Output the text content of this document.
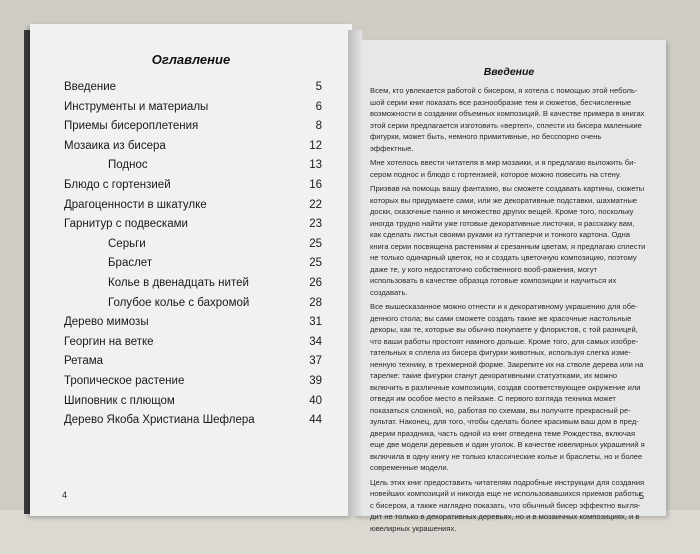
Оглавление
Введение	5
Инструменты и материалы	6
Приемы бисероплетения	8
Мозаика из бисера	12
Поднос	13
Блюдо с гортензией	16
Драгоценности в шкатулке	22
Гарнитур с подвесками	23
Серьги	25
Браслет	25
Колье в двенадцать нитей	26
Голубое колье с бахромой	28
Дерево мимозы	31
Георгин на ветке	34
Ретама	37
Тропическое растение	39
Шиповник с плющом	40
Дерево Якоба Христиана Шефлера	44
4
Введение

Всем, кто увлекается работой с бисером, я хотела с помощью этой неболь-шой серии книг показать все разнообразие тем и сюжетов, бесчисленные возможности в создании объемных композиций. В качестве примера в книгах этой серии предлагается изготовить «вертеп», сплести из бисера маленькие фигурки, может быть, немного примитивные, но бесспорно очень эффектные.

Мне хотелось ввести читателя в мир мозаики, и я предлагаю выложить би-сером поднос и блюдо с гортензией, которое можно повесить на стену.

Призвав на помощь вашу фантазию, вы сможете создавать картины, сюжеты которых вы придумаете сами, или же декоративные подставки, шахматные доски, сказочные панно и множество других вещей. Кроме того, поскольку иногда трудно найти уже готовые декоративные листочки, я расскажу вам, как сделать листья своими руками из гуттаперчи и тонкого картона. Одна книга серии посвящена растениям и срезанным цветам, я предлагаю сплести не только одинарный цветок, но и создать цветочную композицию, поэтому даже те, у кого недостаточно собственного вооб-ражения, могут использовать в качестве образца готовые композиции и научиться их создавать.

Все вышесказанное можно отнести и к декоративному украшению для обе-денного стола; вы сами сможете создать такие же красочные настольные декоры, как те, которые вы обычно покупаете у флористов, с той разницей, что ваши работы простоят намного дольше. Кроме того, для самых изобре-тательных я сплела из бисера фигурки животных, используя слегка изме-ненную технику, в трехмерной форме. Закрепите их на стволе дерева или на тарелке: такие фигурки станут декоративными статуэтками, их можно включить в различные композиции, создав соответствующее окружение или отведя им особое место в пейзаже. С первого взгляда техника может показаться сложной, но, работая по схемам, вы получите прекрасный ре-зультат. Наконец, для того, чтобы сделать более красивым ваш дом в пред-дверии праздника, часть одной из книг отведена теме Рождества, включая еще две модели деревьев и один уголок. В качестве ювелирных украшений я включила в одну книгу не только классические колье и браслеты, но и более современные модели.

Цель этих книг предоставить читателям подробные инструкции для создания новейших композиций и никогда еще не использовавшихся приемов работы с бисером, а также наглядно показать, что обычный бисер эффектно выгля-дит не только в декоративных деревьях, но и в мозаичных композициях, и в ювелирных украшениях.

5
